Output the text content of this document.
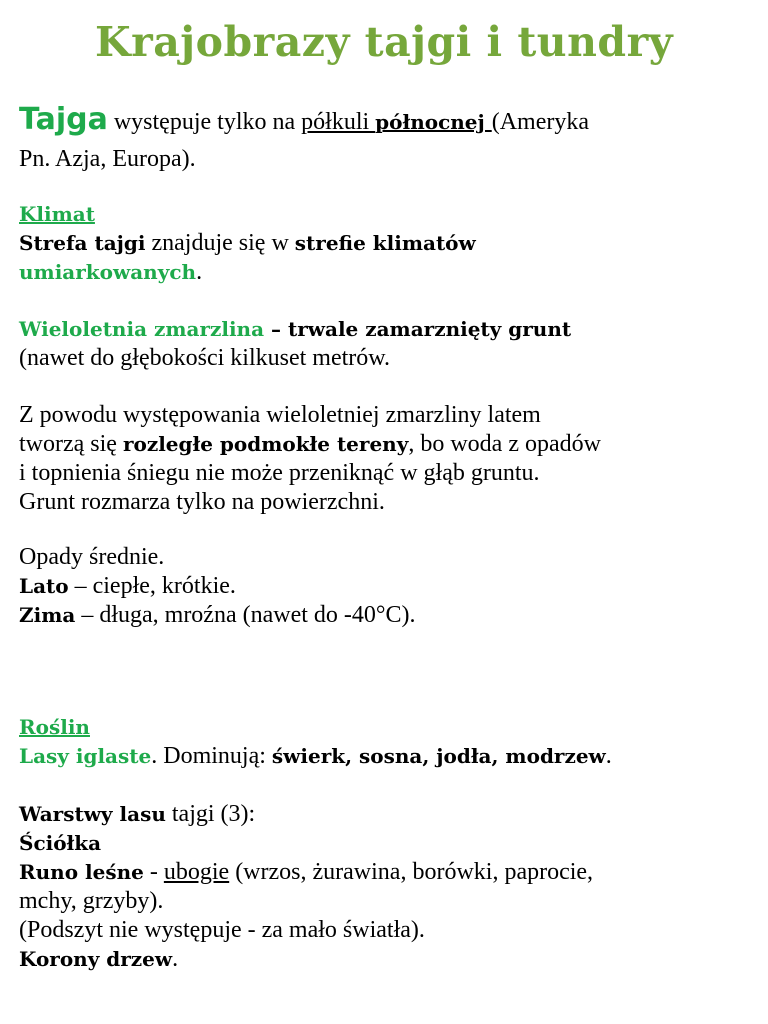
Krajobrazy tajgi i tundry
Tajga występuje tylko na półkuli północnej (Ameryka
Pn. Azja, Europa).
Klimat
Strefa tajgi znajduje się w strefie klimatów
umiarkowanych.
Wieloletnia zmarzlina – trwale zamarznięty grunt
(nawet do głębokości kilkuset metrów.
Z powodu występowania wieloletniej zmarzliny latem
tworzą się rozległe podmokłe tereny, bo woda z opadów
i topnienia śniegu nie może przeniknąć w głąb gruntu.
Grunt rozmarza tylko na powierzchni.
Opady średnie.
Lato – ciepłe, krótkie.
Zima – długa, mroźna (nawet do -40°C).
Roślin
Lasy iglaste. Dominują: świerk, sosna, jodła, modrzew.
Warstwy lasu tajgi (3):
Ściółka
Runo leśne - ubogie (wrzos, żurawina, borówki, paprocie,
mchy, grzyby).
(Podszyt nie występuje - za mało światła).
Korony drzew.
